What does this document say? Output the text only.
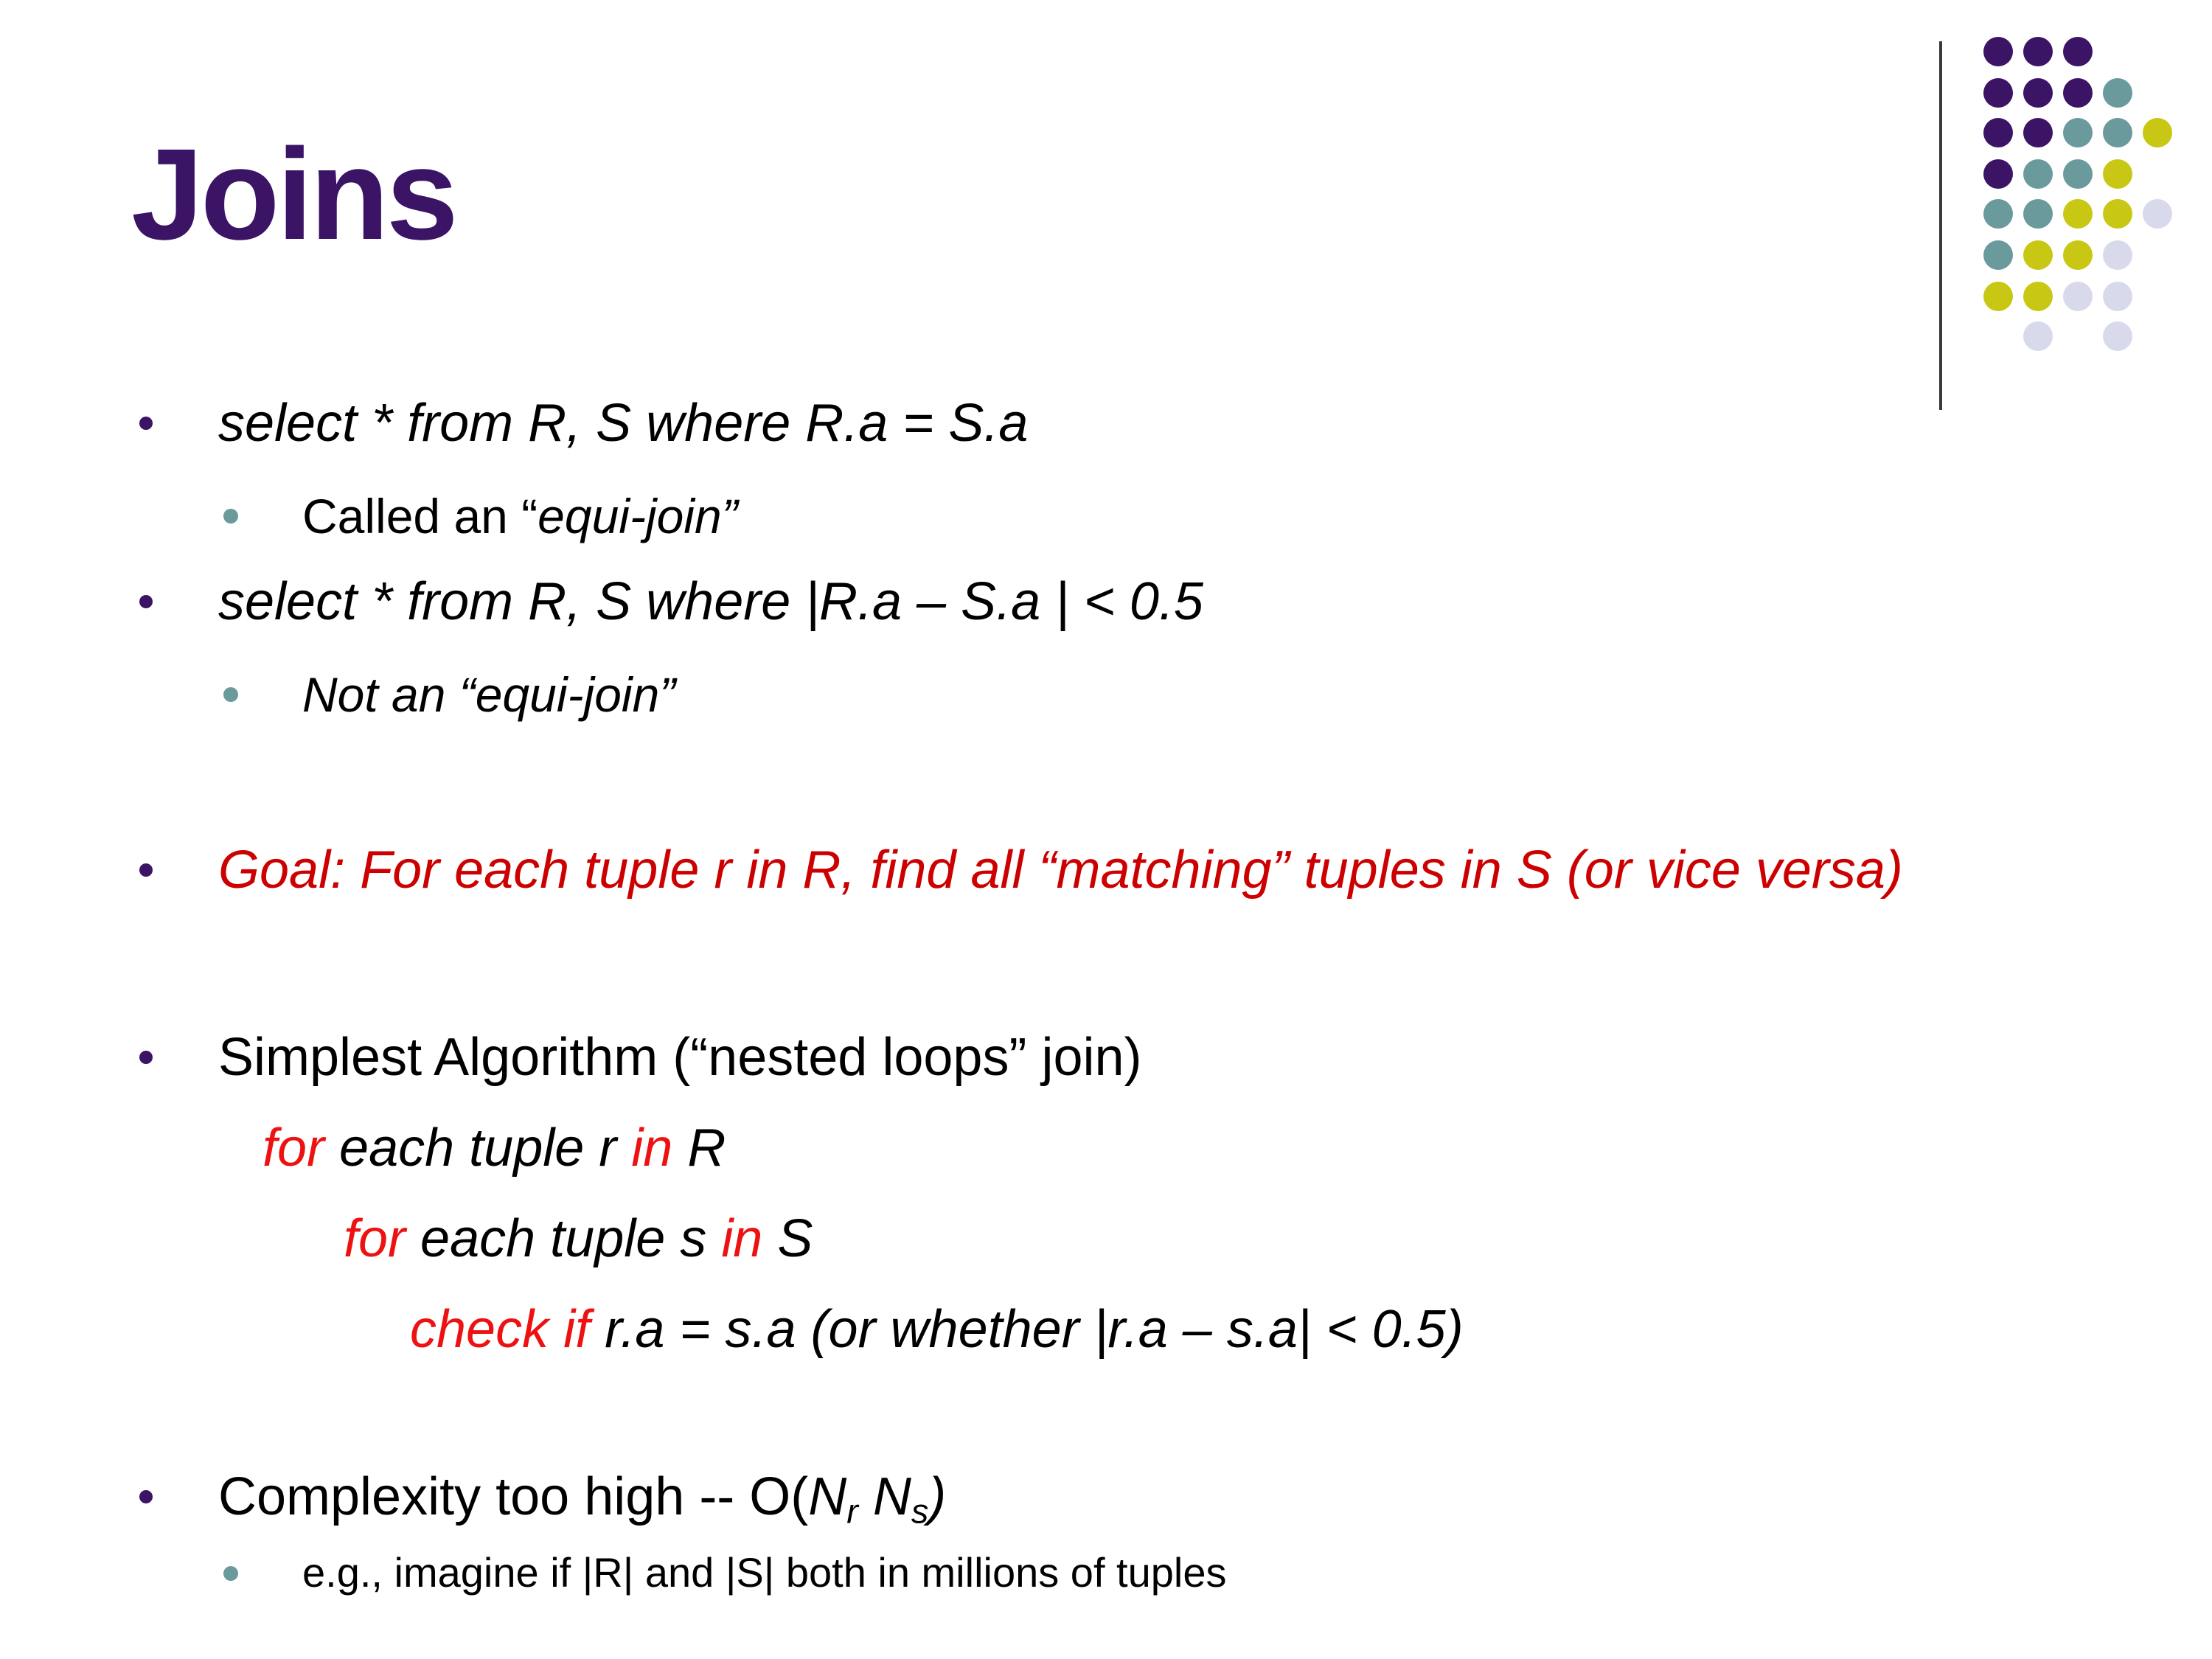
Joins
select * from R, S where R.a = S.a
Called an “equi-join”
select * from R, S where |R.a – S.a | < 0.5
Not an “equi-join”
Goal: For each tuple r in R, find all “matching” tuples in S (or vice versa)
Simplest Algorithm (“nested loops” join)
for each tuple r in R
for each tuple s in S
check if r.a = s.a (or whether |r.a – s.a| < 0.5)
Complexity too high -- $O(N_r$ $N_s$)
e.g., imagine if |R| and |S| both in millions of tuples
